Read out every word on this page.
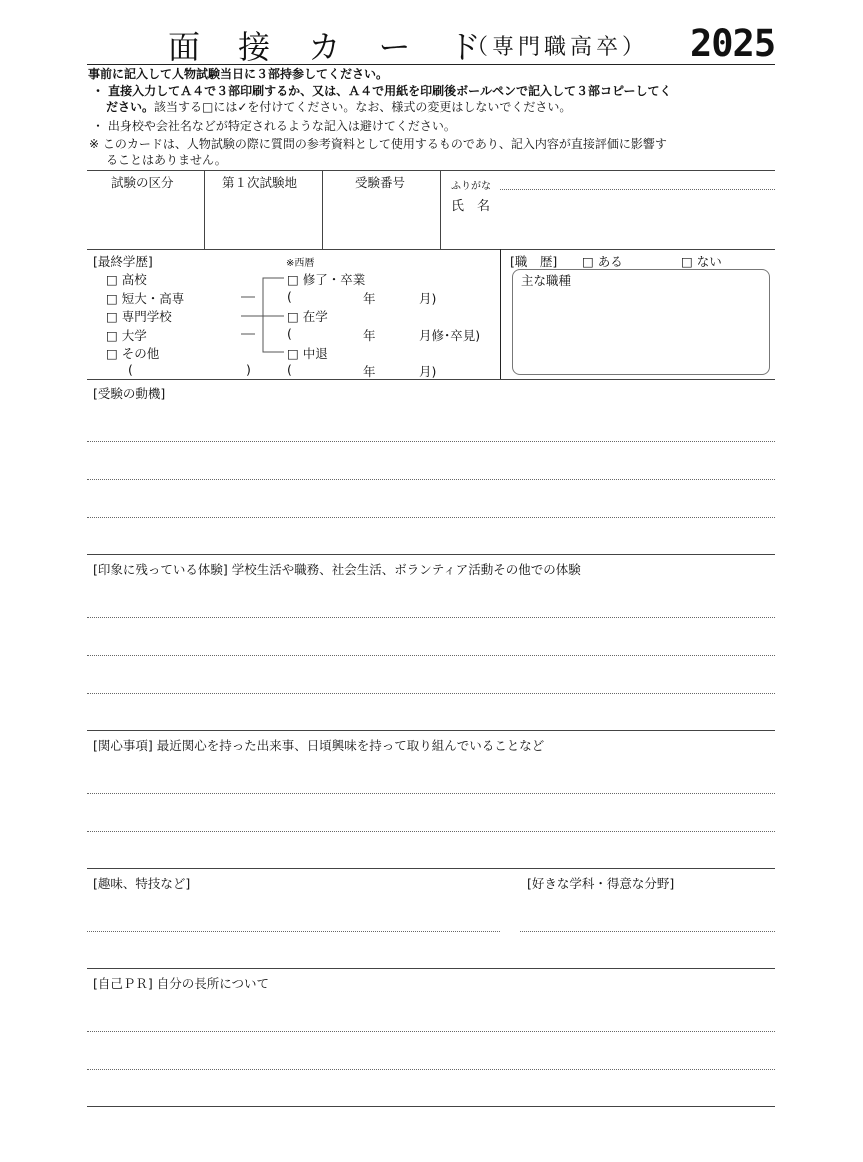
面 接 カ ー ド
（専門職高卒） 2025
事前に記入して人物試験当日に３部持参してください。
・ 直接入力してＡ４で３部印刷するか、又は、Ａ４で用紙を印刷後ボールペンで記入して３部コピーしてく
ださい。該当する□には✓を付けてください。なお、様式の変更はしないでください。
・ 出身校や会社名などが特定されるような記入は避けてください。
※ このカードは、人物試験の際に質問の参考資料として使用するものであり、記入内容が直接評価に影響す
ることはありません。
試験の区分	第１次試験地	受験番号	ふりがな
氏　名
[最終学歴]	※西暦
□ 高校
□ 短大・高専
□ 専門学校
□ 大学
□ その他
(	)
□ 修了・卒業
(	年	月)
□ 在学
(	年	月修･卒見)
□ 中退
(	年	月)
[職　歴] □ ある	□ ない
主な職種
[受験の動機]
[印象に残っている体験] 学校生活や職務、社会生活、ボランティア活動その他での体験
[関心事項] 最近関心を持った出来事、日頃興味を持って取り組んでいることなど
[趣味、特技など]	[好きな学科・得意な分野]
[自己ＰＲ] 自分の長所について
